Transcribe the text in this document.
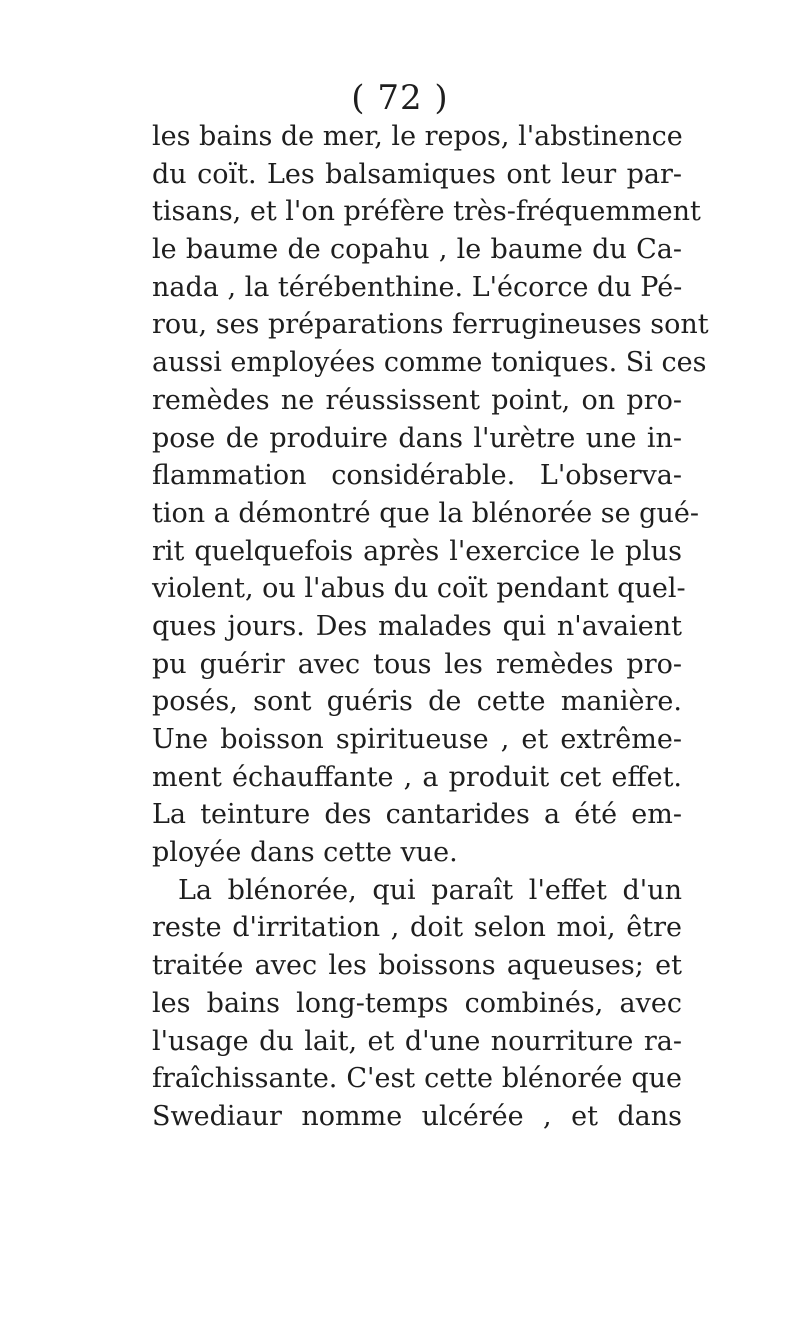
( 72 )
les bains de mer, le repos, l'abstinence
du coït. Les balsamiques ont leur par-
tisans, et l'on préfère très-fréquemment
le baume de copahu , le baume du Ca-
nada , la térébenthine. L'écorce du Pé-
rou, ses préparations ferrugineuses sont
aussi employées comme toniques. Si ces
remèdes ne réussissent point, on pro-
pose de produire dans l'urètre une in-
flammation considérable. L'observa-
tion a démontré que la blénorée se gué-
rit quelquefois après l'exercice le plus
violent, ou l'abus du coït pendant quel-
ques jours. Des malades qui n'avaient
pu guérir avec tous les remèdes pro-
posés, sont guéris de cette manière.
Une boisson spiritueuse , et extrême-
ment échauffante , a produit cet effet.
La teinture des cantarides a été em-
ployée dans cette vue.
La blénorée, qui paraît l'effet d'un
reste d'irritation , doit selon moi, être
traitée avec les boissons aqueuses; et
les bains long-temps combinés, avec
l'usage du lait, et d'une nourriture ra-
fraîchissante. C'est cette blénorée que
Swediaur nomme ulcérée , et dans
